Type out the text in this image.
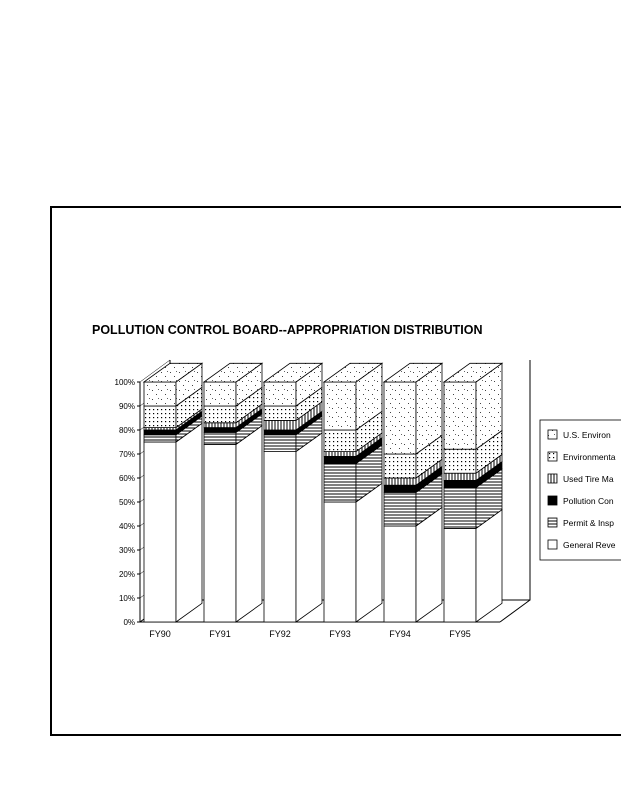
POLLUTION CONTROL BOARD--APPROPRIATION DISTRIBUTION
0%
10%
20%
30%
40%
50%
60%
70%
80%
90%
100%
FY90	FY91	FY92	FY93	FY94	FY95
U.S. Environ
Environmenta
Used Tire Ma
Pollution Con
Permit & Insp
General Reve
